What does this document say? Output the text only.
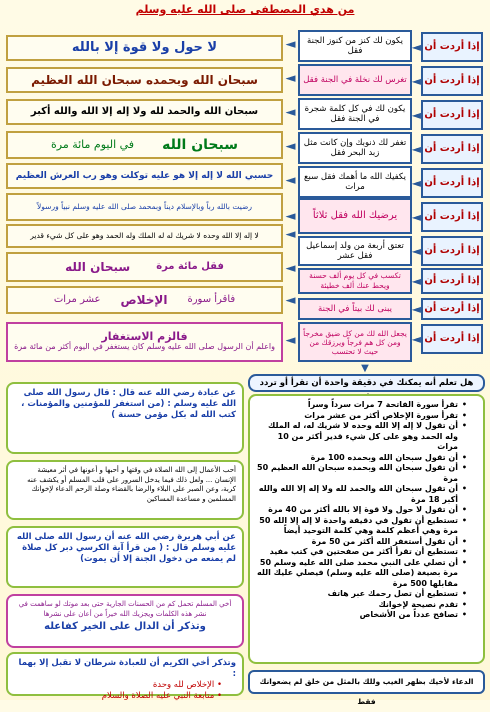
من هدي المصطفى صلى الله عليه وسلم
إذا أردت أن
◄
يكون لك كنز من كنوز الجنة فقل
◄
لا حول ولا قوة إلا بالله
إذا أردت أن
◄
تغرس لك نخلة في الجنة فقل
◄
سبحان الله وبحمده سبحان الله العظيم
إذا أردت أن
◄
يكون لك في كل كلمة شجرة في الجنة فقل
◄
سبحان الله والحمد لله ولا إله إلا الله والله أكبر
إذا أردت أن
◄
تغفر لك ذنوبك وإن كانت مثل زبد البحر فقل
◄
سبحان الله
في اليوم مائة مرة
إذا أردت أن
◄
يكفيك الله ما أهمك فقل سبع مرات
◄
حسبي الله لا إله إلا هو عليه توكلت وهو رب العرش العظيم
إذا أردت أن
◄
يرضيك الله فقل ثلاثاً
◄
رضيت بالله رباً وبالإسلام ديناً وبمحمد صلى الله عليه وسلم نبياً ورسولاً
إذا أردت أن
◄
تعتق أربعة من ولد إسماعيل فقل عشر
◄
لا إله إلا الله وحده لا شريك له له الملك وله الحمد وهو على كل شيء قدير
إذا أردت أن
◄
تكسب في كل يوم ألف حسنة ويحط عنك ألف خطيئة
◄
فقل مائة مرة
سبحان الله
إذا أردت أن
◄
يبنى لك بيتاً في الجنة
◄
فاقرأ سورة
الإخلاص
عشر مرات
إذا أردت أن
◄
يجعل الله لك من كل ضيق مخرجاً ومن كل هم فرجاً ويرزقك من حيث لا تحتسب
◄
فالزم الاستغفار
واعلم أن الرسول صلى الله عليه وسلم كان يستغفر في اليوم أكثر من مائة مرة
▼
هل تعلم أنه يمكنك في دقيقة واحدة أن تقرأ أو تردد
• تقرأ سورة الفاتحة 7 مرات سرداً وسراً
• تقرأ سورة الإخلاص أكثر من عشر مرات
• أن تقول لا إله إلا الله وحده لا شريك له، له الملك وله الحمد وهو على كل شيء قدير أكثر من 10 مرات
• أن تقول سبحان الله وبحمده 100 مرة
• أن تقول سبحان الله وبحمده سبحان الله العظيم 50 مرة
• أن تقول سبحان الله والحمد لله ولا إله إلا الله والله أكبر 18 مرة
• أن تقول لا حول ولا قوة إلا بالله أكثر من 40 مرة
• تستطيع أن تقول في دقيقة واحدة لا إله إلا الله 50 مرة وهي أعظم كلمة وهي كلمة التوحيد أيضاً
• أن تقول أستغفر الله أكثر من 50 مرة
• تستطيع أن تقرأ أكثر من صفحتين في كتب مفيد
• أن تصلي على النبي محمد صلى الله عليه وسلم 50 مرة بصيغة (صلى الله عليه وسلم) فيصلي عليك الله مقابلها 500 مرة
• تستطيع أن تصل رحمك عبر هاتف
• تقدم نصيحة لإخوانك
• تصافح عدداً من الأشخاص
الدعاء لأخيك بظهر الغيب وللك بالمثل من خلق لم يضعوانك فقط
عن عبادة رضي الله عنه قال : قال رسول الله صلى الله عليه وسلم : (من استغفر للمؤمنين والمؤمنات ، كتب الله له بكل مؤمن حسنة )
أحب الأعمال إلى الله الصلاة في وقتها و أحبها و أعونها في أثر معيشة الإنسان ... ولعل ذلك فيما يدخل السرور على قلب المسلم أو يكشف عنه كربة، وعن الصبر على البلاء والرضا بالقضاء وصلة الرحم الدعاء لإخوانك المسلمين و مساعدة المساكين
عن أبي هريرة رضي الله عنه أن رسول الله صلى الله عليه وسلم قال : ( من قرأ آية الكرسي دبر كل صلاة لم يمنعه من دخول الجنة إلا أن يموت)
أخي المسلم تحمل كم من الحسنات الجارية حتى بعد موتك لو ساهمت في نشر هذه الكلمات ويجزيك الله خيراً من أعان على نشرها
وتذكر أن الدال على الخير كفاعله
وتذكر أخي الكريم أن للعبادة شرطان لا تقبل إلا بهما :
• الإخلاص لله وحدة
• متابعة النبي عليه الصلاة والسلام
